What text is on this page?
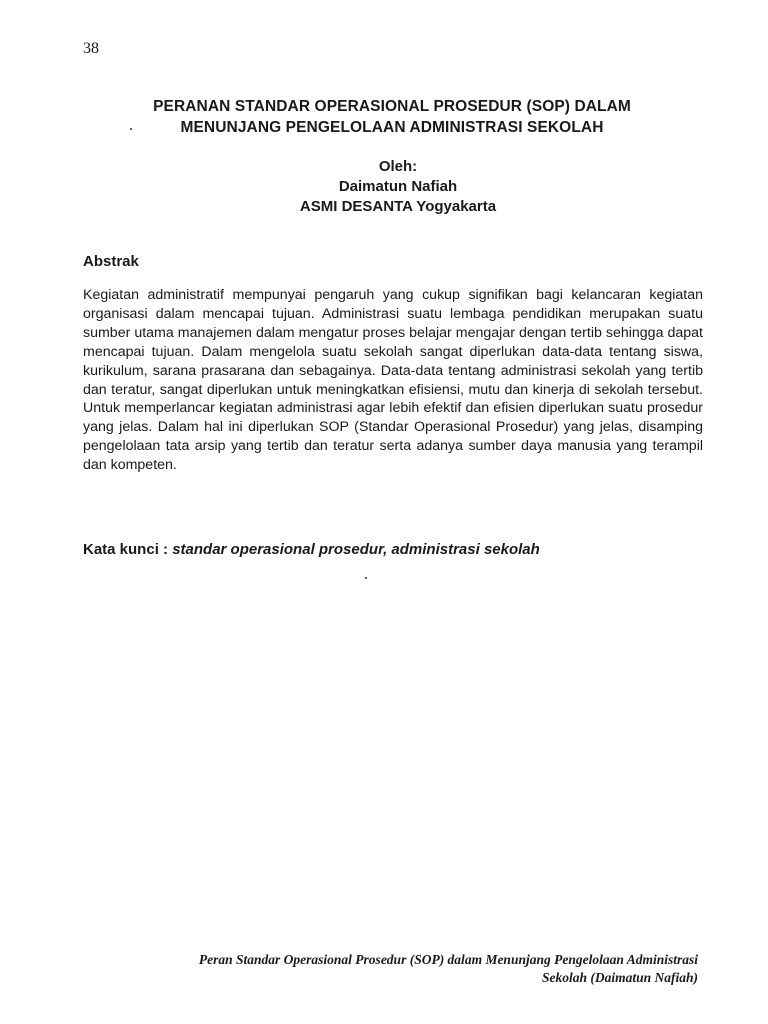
38
PERANAN STANDAR OPERASIONAL PROSEDUR (SOP) DALAM
MENUNJANG PENGELOLAAN ADMINISTRASI SEKOLAH
Oleh:
Daimatun Nafiah
ASMI DESANTA Yogyakarta
Abstrak
Kegiatan administratif mempunyai pengaruh yang cukup signifikan bagi kelancaran kegiatan organisasi dalam mencapai tujuan. Administrasi suatu lembaga pendidikan merupakan suatu sumber utama manajemen dalam mengatur proses belajar mengajar dengan tertib sehingga dapat mencapai tujuan. Dalam mengelola suatu sekolah sangat diperlukan data-data tentang siswa, kurikulum, sarana prasarana dan sebagainya. Data-data tentang administrasi sekolah yang tertib dan teratur, sangat diperlukan untuk meningkatkan efisiensi, mutu dan kinerja di sekolah tersebut. Untuk memperlancar kegiatan administrasi agar lebih efektif dan efisien diperlukan suatu prosedur yang jelas. Dalam hal ini diperlukan SOP (Standar Operasional Prosedur) yang jelas, disamping pengelolaan tata arsip yang tertib dan teratur serta adanya sumber daya manusia yang terampil dan kompeten.
Kata kunci : standar operasional prosedur, administrasi sekolah
Peran Standar Operasional Prosedur (SOP) dalam Menunjang Pengelolaan Administrasi
Sekolah (Daimatun Nafiah)
